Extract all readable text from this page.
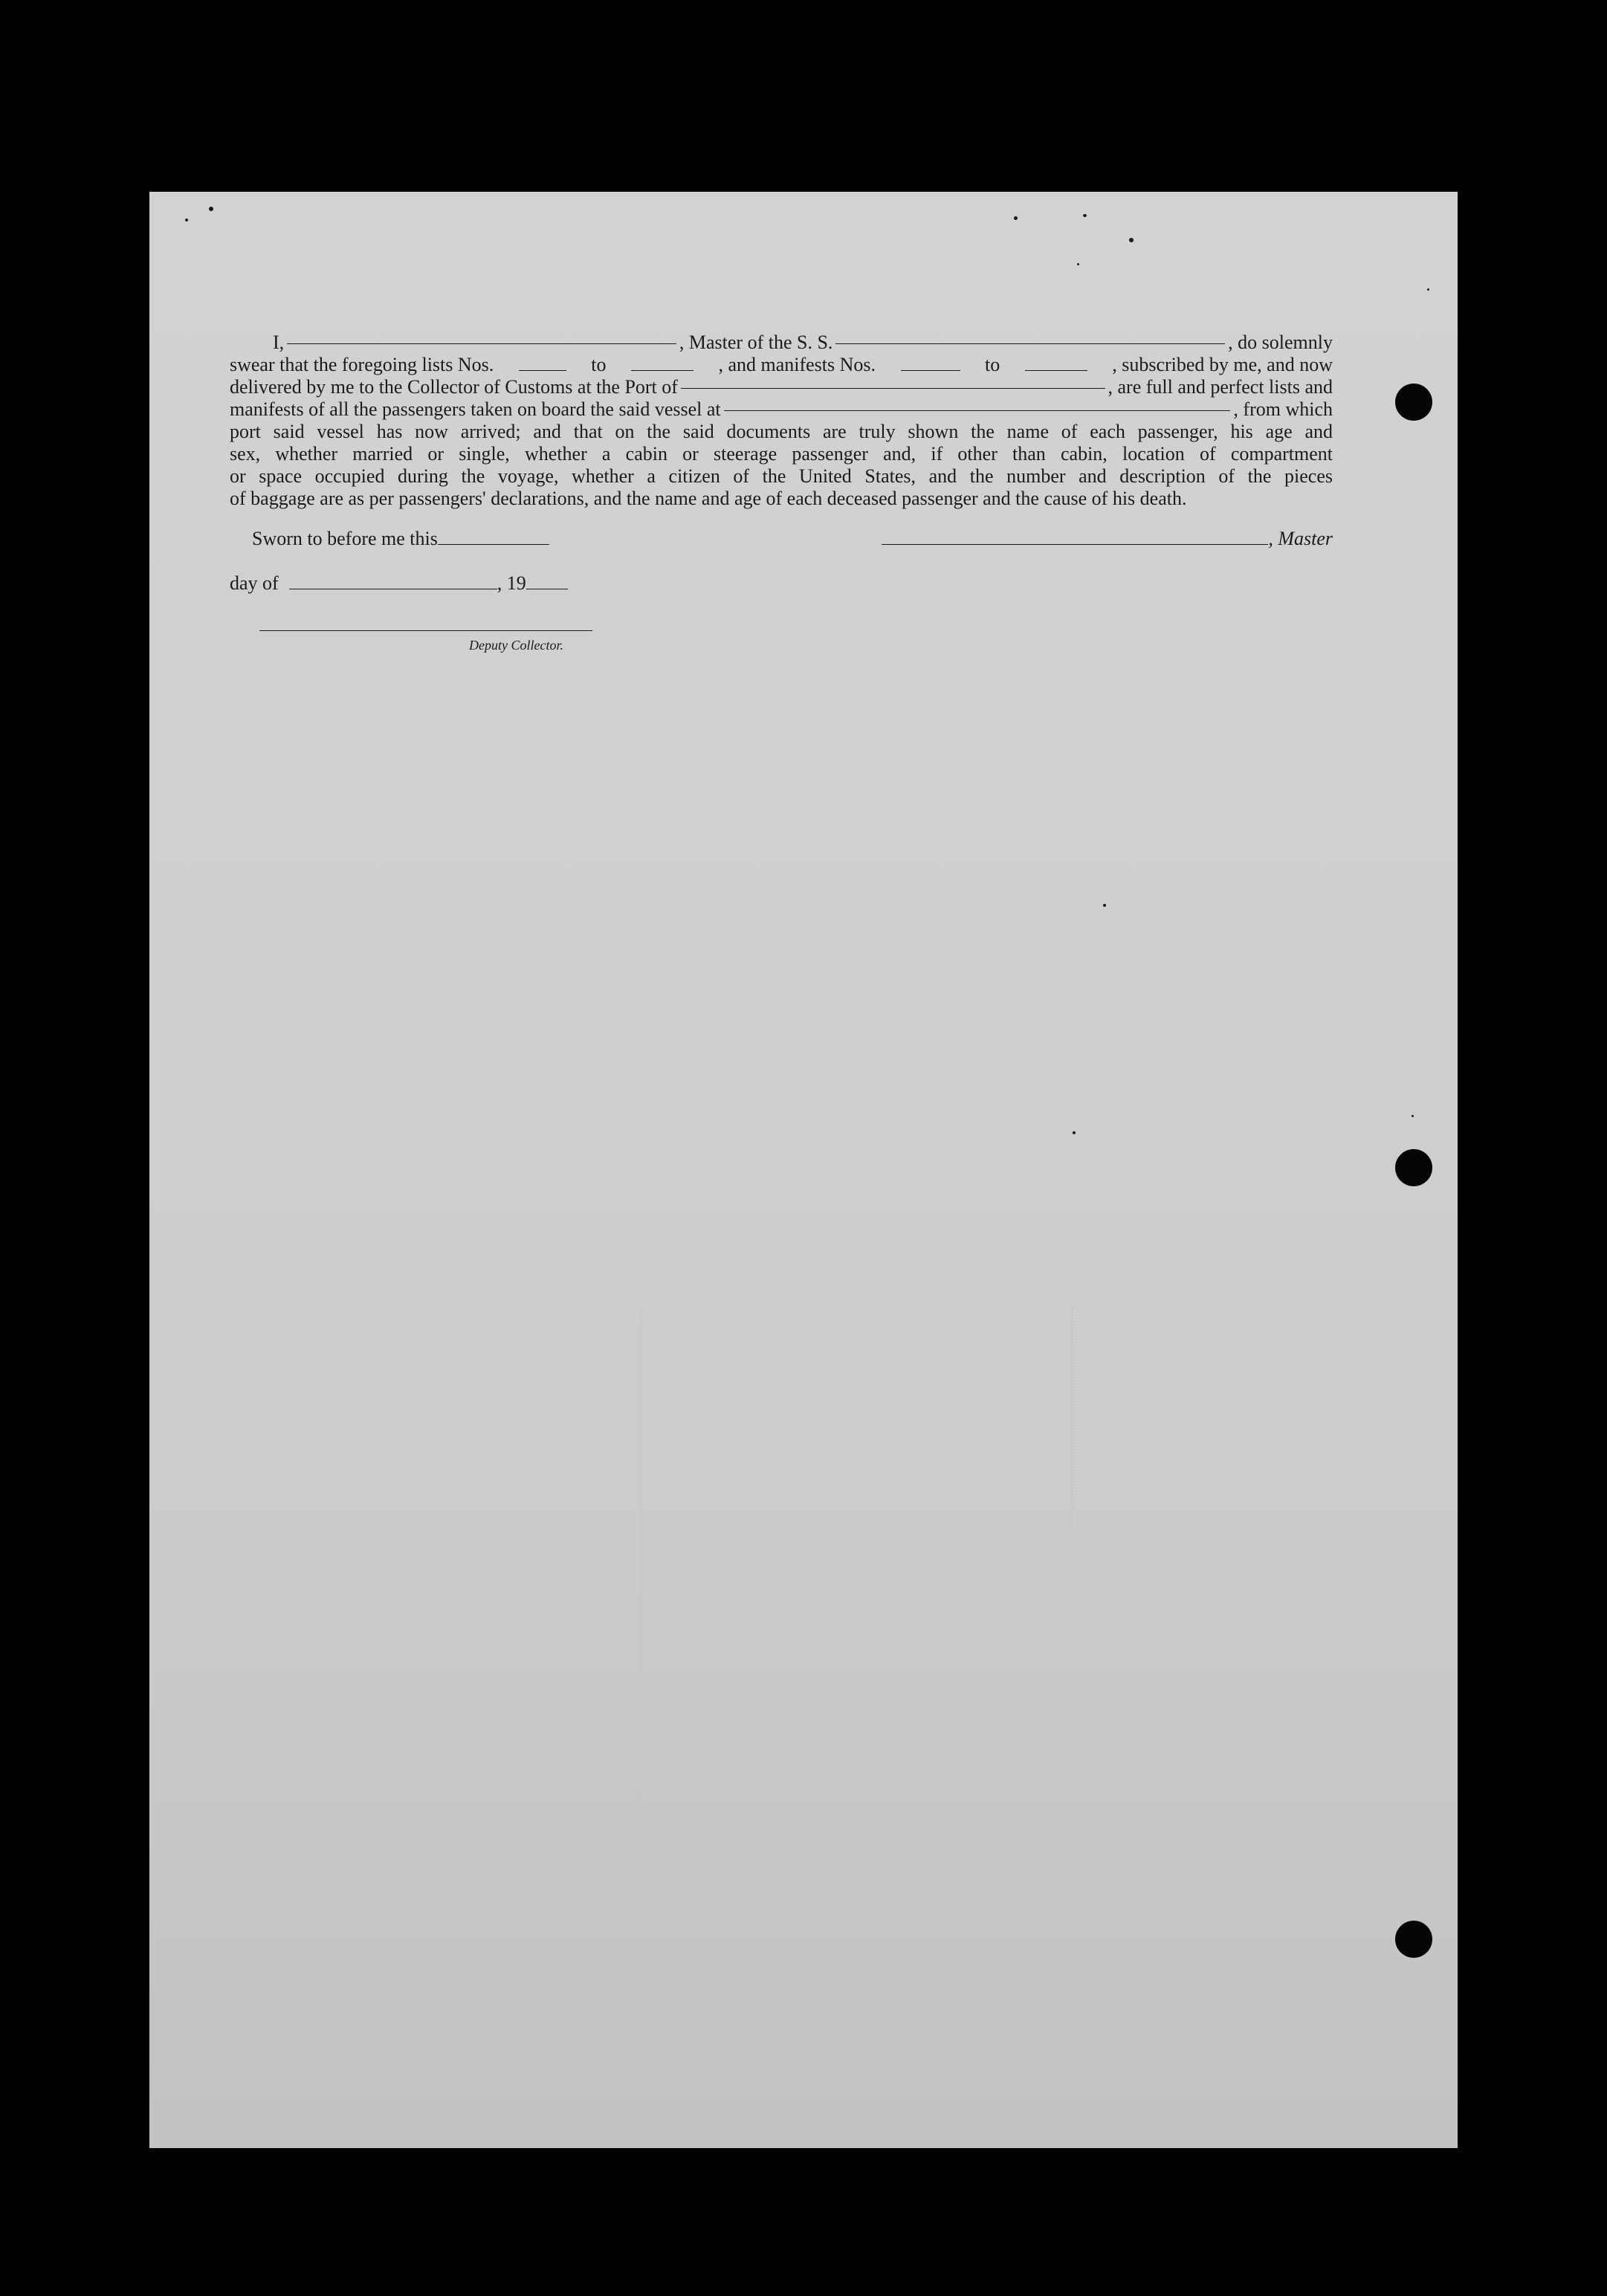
I,	, Master of the S. S.	, do solemnly
swear that the foregoing lists Nos.	to	, and manifests Nos.	to	, subscribed by me, and now
delivered by me to the Collector of Customs at the Port of	, are full and perfect lists and
manifests of all the passengers taken on board the said vessel at	, from which
port said vessel has now arrived; and that on the said documents are truly shown the name of each passenger, his age and
sex, whether married or single, whether a cabin or steerage passenger and, if other than cabin, location of compartment
or space occupied during the voyage, whether a citizen of the United States, and the number and description of the pieces
of baggage are as per passengers' declarations, and the name and age of each deceased passenger and the cause of his death.
Sworn to before me this	, Master
day of	, 19
Deputy Collector.
